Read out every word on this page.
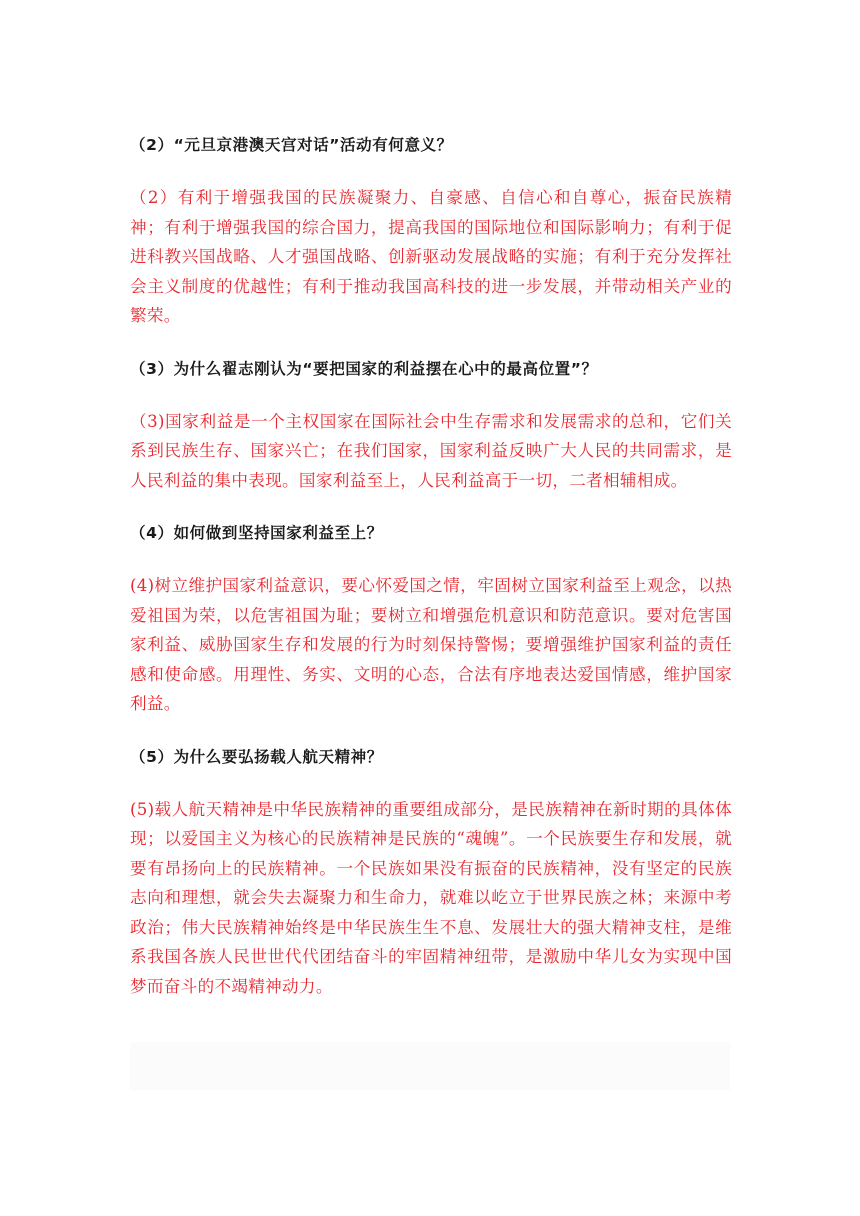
（2）“元旦京港澳天宫对话”活动有何意义？

（2）有利于增强我国的民族凝聚力、自豪感、自信心和自尊心，振奋民族精神；有利于增强我国的综合国力，提高我国的国际地位和国际影响力；有利于促进科教兴国战略、人才强国战略、创新驱动发展战略的实施；有利于充分发挥社会主义制度的优越性；有利于推动我国高科技的进一步发展，并带动相关产业的繁荣。

（3）为什么翟志刚认为“要把国家的利益摆在心中的最高位置”？

（3)国家利益是一个主权国家在国际社会中生存需求和发展需求的总和，它们关系到民族生存、国家兴亡；在我们国家，国家利益反映广大人民的共同需求，是人民利益的集中表现。国家利益至上，人民利益高于一切，二者相辅相成。

（4）如何做到坚持国家利益至上？

(4)树立维护国家利益意识，要心怀爱国之情，牢固树立国家利益至上观念，以热爱祖国为荣，以危害祖国为耻；要树立和增强危机意识和防范意识。要对危害国家利益、威胁国家生存和发展的行为时刻保持警惕；要增强维护国家利益的责任感和使命感。用理性、务实、文明的心态，合法有序地表达爱国情感，维护国家利益。

（5）为什么要弘扬载人航天精神？

(5)载人航天精神是中华民族精神的重要组成部分，是民族精神在新时期的具体体现；以爱国主义为核心的民族精神是民族的“魂魄”。一个民族要生存和发展，就要有昂扬向上的民族精神。一个民族如果没有振奋的民族精神，没有坚定的民族志向和理想，就会失去凝聚力和生命力，就难以屹立于世界民族之林；来源中考政治；伟大民族精神始终是中华民族生生不息、发展壮大的强大精神支柱，是维系我国各族人民世世代代团结奋斗的牢固精神纽带，是激励中华儿女为实现中国梦而奋斗的不竭精神动力。
